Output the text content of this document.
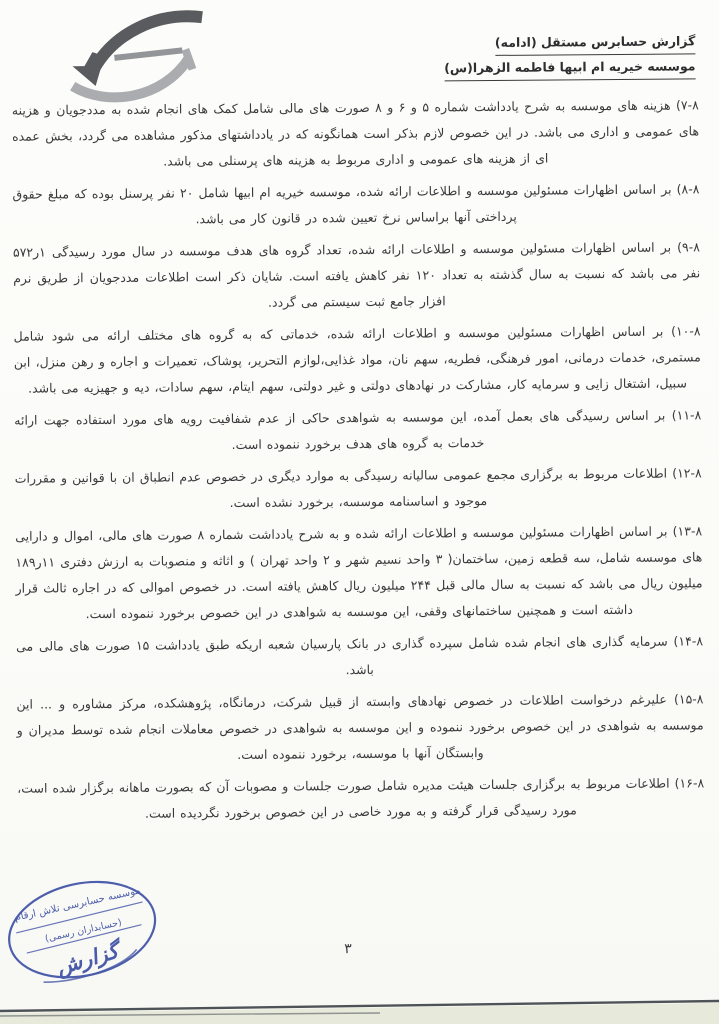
گزارش حسابرس مستقل (ادامه)
موسسه خیریه ام ابیها فاطمه الزهرا(س)

۷-۸) هزینه های موسسه به شرح یادداشت شماره ۵ و ۶ و ۸ صورت های مالی شامل کمک های انجام شده به مددجویان و هزینه های عمومی و اداری می باشد. در این خصوص لازم بذکر است همانگونه که در یادداشتهای مذکور مشاهده می گردد، بخش عمده ای از هزینه های عمومی و اداری مربوط به هزینه های پرسنلی می باشد.

۸-۸) بر اساس اظهارات مسئولین موسسه و اطلاعات ارائه شده، موسسه خیریه ام ابیها شامل ۲۰ نفر پرسنل بوده که مبلغ حقوق پرداختی آنها براساس نرخ تعیین شده در قانون کار می باشد.

۹-۸) بر اساس اظهارات مسئولین موسسه و اطلاعات ارائه شده، تعداد گروه های هدف موسسه در سال مورد رسیدگی ۱ر۵۷۲ نفر می باشد که نسبت به سال گذشته به تعداد ۱۲۰ نفر کاهش یافته است. شایان ذکر است اطلاعات مددجویان از طریق نرم افزار جامع ثبت سیستم می گردد.

۱۰-۸) بر اساس اظهارات مسئولین موسسه و اطلاعات ارائه شده، خدماتی که به گروه های مختلف ارائه می شود شامل مستمری، خدمات درمانی، امور فرهنگی، فطریه، سهم نان، مواد غذایی،لوازم التحریر، پوشاک، تعمیرات و اجاره و رهن منزل، ابن سبیل، اشتغال زایی و سرمایه کار، مشارکت در نهادهای دولتی و غیر دولتی، سهم ایتام، سهم سادات، دیه و جهیزیه می باشد.

۱۱-۸) بر اساس رسیدگی های بعمل آمده، این موسسه به شواهدی حاکی از عدم شفافیت رویه های مورد استفاده جهت ارائه خدمات به گروه های هدف برخورد ننموده است.

۱۲-۸) اطلاعات مربوط به برگزاری مجمع عمومی سالیانه رسیدگی به موارد دیگری در خصوص عدم انطباق ان با قوانین و مقررات موجود و اساسنامه موسسه، برخورد نشده است.

۱۳-۸) بر اساس اظهارات مسئولین موسسه و اطلاعات ارائه شده و به شرح یادداشت شماره ۸ صورت های مالی، اموال و دارایی های موسسه شامل، سه قطعه زمین، ساختمان( ۳ واحد نسیم شهر و ۲ واحد تهران ) و اثاثه و منصوبات به ارزش دفتری ۱۱ر۱۸۹ میلیون ریال می باشد که نسبت به سال مالی قبل ۲۴۴ میلیون ریال کاهش یافته است. در خصوص اموالی که در اجاره ثالث قرار داشته است و همچنین ساختمانهای وقفی، این موسسه به شواهدی در این خصوص برخورد ننموده است.

۱۴-۸) سرمایه گذاری های انجام شده شامل سپرده گذاری در بانک پارسیان شعبه اریکه طبق یادداشت ۱۵ صورت های مالی می باشد.

۱۵-۸) علیرغم درخواست اطلاعات در خصوص نهادهای وابسته از قبیل شرکت، درمانگاه، پژوهشکده، مرکز مشاوره و ... این موسسه به شواهدی در این خصوص برخورد ننموده و این موسسه به شواهدی در خصوص معاملات انجام شده توسط مدیران و وابستگان آنها با موسسه، برخورد ننموده است.

۱۶-۸) اطلاعات مربوط به برگزاری جلسات هیئت مدیره شامل صورت جلسات و مصوبات آن که بصورت ماهانه برگزار شده است، مورد رسیدگی قرار گرفته و به مورد خاصی در این خصوص برخورد نگردیده است.

۳
موسسه حسابرسی تلاش ارقام
(حسابداران رسمی)
گزارش
